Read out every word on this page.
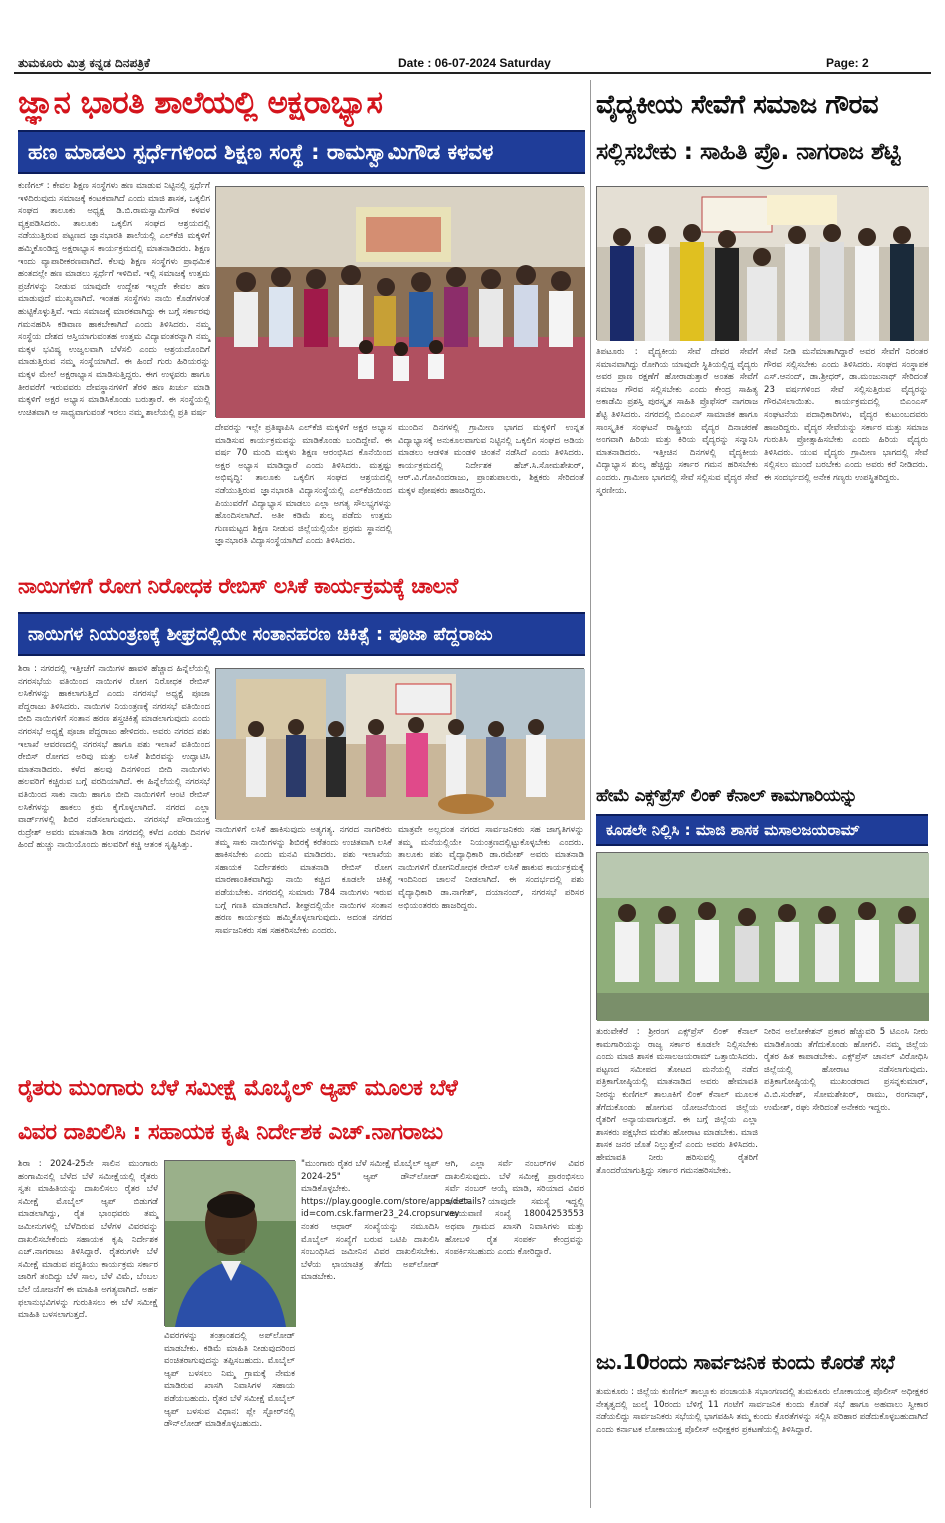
ತುಮಕೂರು ಮಿತ್ರ ಕನ್ನಡ ದಿನಪತ್ರಿಕೆ	Date : 06-07-2024 Saturday	Page: 2
ಜ್ಞಾನ ಭಾರತಿ ಶಾಲೆಯಲ್ಲಿ ಅಕ್ಷರಾಭ್ಯಾಸ
ಹಣ ಮಾಡಲು ಸ್ಪರ್ಧೆಗಳಿಂದ ಶಿಕ್ಷಣ ಸಂಸ್ಥೆ : ರಾಮಸ್ವಾಮಿಗೌಡ ಕಳವಳ

ಕುಣಿಗಲ್ : ಕೇವಲ ಶಿಕ್ಷಣ ಸಂಸ್ಥೆಗಳು ಹಣ ಮಾಡುವ ನಿಟ್ಟಿನಲ್ಲಿ ಸ್ಪರ್ಧೆಗೆ ಇಳಿದಿರುವುದು ಸಮಾಜಕ್ಕೆ ಕಂಟಕವಾಗಿದೆ ಎಂದು ಮಾಜಿ ಶಾಸಕ, ಒಕ್ಕಲಿಗ ಸಂಘದ ತಾಲೂಕು ಅಧ್ಯಕ್ಷ ಡಿ.ಬಿ.ರಾಮಸ್ವಾಮಿಗೌಡ ಕಳವಳ ವ್ಯಕ್ತಪಡಿಸಿದರು. ತಾಲೂಕು ಒಕ್ಕಲಿಗ ಸಂಘದ ಆಶ್ರಯದಲ್ಲಿ ನಡೆಯುತ್ತಿರುವ ಪಟ್ಟಣದ ಜ್ಞಾನಭಾರತಿ ಶಾಲೆಯಲ್ಲಿ ಎಲ್‌ಕೆಜಿ ಮಕ್ಕಳಿಗೆ ಹಮ್ಮಿಕೊಂಡಿದ್ದ ಅಕ್ಷರಾಭ್ಯಾಸ ಕಾರ್ಯಕ್ರಮದಲ್ಲಿ ಮಾತನಾಡಿದರು. ಶಿಕ್ಷಣ ಇಂದು ವ್ಯಾಪಾರೀಕರಣವಾಗಿದೆ. ಕೆಲವು ಶಿಕ್ಷಣ ಸಂಸ್ಥೆಗಳು ಪ್ರಾಥಮಿಕ ಹಂತದಲ್ಲೇ ಹಣ ಮಾಡಲು ಸ್ಪರ್ಧೆಗೆ ಇಳಿದಿವೆ. ಇಲ್ಲಿ ಸಮಾಜಕ್ಕೆ ಉತ್ತಮ ಪ್ರಜೆಗಳನ್ನು ನೀಡುವ ಯಾವುದೇ ಉದ್ದೇಶ ಇಲ್ಲದೇ ಕೇವಲ ಹಣ ಮಾಡುವುದೆ ಮುಖ್ಯವಾಗಿದೆ. ಇಂತಹ ಸಂಸ್ಥೆಗಳು ನಾಯಿ ಕೊಡೆಗಳಂತೆ ಹುಟ್ಟಿಕೊಳ್ಳುತ್ತಿವೆ. ಇದು ಸಮಾಜಕ್ಕೆ ಮಾರಕವಾಗಿದ್ದು ಈ ಬಗ್ಗೆ ಸರ್ಕಾರವು ಗಮನಹರಿಸಿ ಕಡಿವಾಣ ಹಾಕಬೇಕಾಗಿದೆ ಎಂದು ತಿಳಿಸಿದರು. ನಮ್ಮ ಸಂಸ್ಥೆಯ ದೇಶದ ಆಸ್ತಿಯಾಗುವಂತಹ ಉತ್ತಮ ವಿದ್ಯಾವಂತರನ್ನಾಗಿ ನಮ್ಮ ಮಕ್ಕಳ ಭವಿಷ್ಯ ಉಜ್ವಲವಾಗಿ ಬೆಳೆಸಲಿ ಎಂದು ಆಶ್ರಯದೊಂದಿಗೆ ಮಾಡುತ್ತಿರುವ ನಮ್ಮ ಸಂಸ್ಥೆಯಾಗಿದೆ. ಈ ಹಿಂದೆ ಗುರು ಹಿರಿಯರನ್ನು ಮಕ್ಕಳ ಮೇಲೆ ಅಕ್ಷರಾಭ್ಯಾಸ ಮಾಡಿಸುತ್ತಿದ್ದರು. ಈಗ ಉಳ್ಳವರು ಹಾಗೂ ತೀರವರೆಗೆ ಇರುವವರು ದೇವಸ್ಥಾನಗಳಿಗೆ ತೆರಳಿ ಹಣ ಖರ್ಚು ಮಾಡಿ ಮಕ್ಕಳಿಗೆ ಅಕ್ಷರ ಅಭ್ಯಾಸ ಮಾಡಿಸಿಕೊಂಡು ಬರುತ್ತಾರೆ. ಈ ಸಂಸ್ಥೆಯಲ್ಲಿ ಉಚಿತವಾಗಿ ಆ ಸಾಧ್ಯವಾಗುವಂತೆ ಇರಲು ನಮ್ಮ ಶಾಲೆಯಲ್ಲಿ ಪ್ರತಿ ವರ್ಷ

ದೇವರನ್ನು ಇಲ್ಲೇ ಪ್ರತಿಷ್ಠಾಪಿಸಿ ಎಲ್‌ಕೆಜಿ ಮಕ್ಕಳಿಗೆ ಅಕ್ಷರ ಅಭ್ಯಾಸ ಮಾಡಿಸುವ ಕಾರ್ಯಕ್ರಮವನ್ನು ಮಾಡಿಕೊಂಡು ಬಂದಿದ್ದೇವೆ. ಈ ವರ್ಷ 70 ಮಂದಿ ಮಕ್ಕಳು ಶಿಕ್ಷಣ ಆರಂಭಿಸಿದ ಕೊನೆಯಿಂದ ಅಕ್ಷರ ಅಭ್ಯಾಸ ಮಾಡಿದ್ದಾರೆ ಎಂದು ತಿಳಿಸಿದರು. ಮತ್ತಷ್ಟು ಅಭಿವೃದ್ಧಿ: ತಾಲೂಕು ಒಕ್ಕಲಿಗ ಸಂಘದ ಆಶ್ರಯದಲ್ಲಿ ನಡೆಯುತ್ತಿರುವ ಜ್ಞಾನಭಾರತಿ ವಿದ್ಯಾಸಂಸ್ಥೆಯಲ್ಲಿ ಎಲ್‌ಕೆಜಿಯಿಂದ ಪಿಯುವರೆಗೆ ವಿದ್ಯಾಭ್ಯಾಸ ಮಾಡಲು ಎಲ್ಲಾ ಅಗತ್ಯ ಸೌಲಭ್ಯಗಳನ್ನು ಹೊಂದಿಸಲಾಗಿದೆ. ಅತೀ ಕಡಿಮೆ ಶುಲ್ಕ ಪಡೆದು ಉತ್ತಮ ಗುಣಮಟ್ಟದ ಶಿಕ್ಷಣ ನೀಡುವ ಜಿಲ್ಲೆಯಲ್ಲಿಯೇ ಪ್ರಥಮ ಸ್ಥಾನದಲ್ಲಿ ಜ್ಞಾನಭಾರತಿ ವಿದ್ಯಾಸಂಸ್ಥೆಯಾಗಿದೆ ಎಂದು ತಿಳಿಸಿದರು.

ಮುಂದಿನ ದಿನಗಳಲ್ಲಿ ಗ್ರಾಮೀಣ ಭಾಗದ ಮಕ್ಕಳಿಗೆ ಉನ್ನತ ವಿದ್ಯಾಭ್ಯಾಸಕ್ಕೆ ಅನುಕೂಲವಾಗುವ ನಿಟ್ಟಿನಲ್ಲಿ ಒಕ್ಕಲಿಗ ಸಂಘದ ಅಡಿಯ ಮಾಡಲು ಆಡಳಿತ ಮಂಡಳಿ ಚಿಂತನೆ ನಡೆಸಿದೆ ಎಂದು ತಿಳಿಸಿದರು. ಕಾರ್ಯಕ್ರಮದಲ್ಲಿ ನಿರ್ದೇಶಕ ಹೆಚ್.ಸಿ.ಸೋಮಶೇಖರ್, ಆರ್.ವಿ.ಗೋವಿಂದರಾಜು, ಪ್ರಾಂಶುಪಾಲರು, ಶಿಕ್ಷಕರು ಸೇರಿದಂತೆ ಮಕ್ಕಳ ಪೋಷಕರು ಹಾಜರಿದ್ದರು.

ವೈದ್ಯಕೀಯ ಸೇವೆಗೆ ಸಮಾಜ ಗೌರವ
ಸಲ್ಲಿಸಬೇಕು : ಸಾಹಿತಿ ಪ್ರೊ. ನಾಗರಾಜ ಶೆಟ್ಟಿ

ತಿಪಟೂರು : ವೈದ್ಯಕೀಯ ಸೇವೆ ದೇವರ ಸೇವೆಗೆ ಸಮಾನವಾಗಿದ್ದು ರೋಗಿಯ ಯಾವುದೇ ಸ್ಥಿತಿಯಲ್ಲಿದ್ದ ವೈದ್ಯರು ಅವರ ಪ್ರಾಣ ರಕ್ಷಣೆಗೆ ಹೋರಾಡುತ್ತಾರೆ ಅಂತಹ ಸೇವೆಗೆ ಸಮಾಜ ಗೌರವ ಸಲ್ಲಿಸಬೇಕು ಎಂದು ಕೇಂದ್ರ ಸಾಹಿತ್ಯ ಅಕಾಡೆಮಿ ಪ್ರಶಸ್ತಿ ಪುರಸ್ಕೃತ ಸಾಹಿತಿ ಪ್ರೊಫೆಸರ್ ನಾಗರಾಜ ಶೆಟ್ಟಿ ತಿಳಿಸಿದರು. ನಗರದಲ್ಲಿ ಬಿಎಂಎಸ್ ಸಾಮಾಜಿಕ ಹಾಗೂ ಸಾಂಸ್ಕೃತಿಕ ಸಂಘಟನೆ ರಾಷ್ಟ್ರೀಯ ವೈದ್ಯರ ದಿನಾಚರಣೆ ಅಂಗವಾಗಿ ಹಿರಿಯ ಮತ್ತು ಕಿರಿಯ ವೈದ್ಯರನ್ನು ಸನ್ಮಾನಿಸಿ ಮಾತನಾಡಿದರು. ಇತ್ತೀಚಿನ ದಿನಗಳಲ್ಲಿ ವೈದ್ಯಕೀಯ ವಿದ್ಯಾಭ್ಯಾಸ ಶುಲ್ಕ ಹೆಚ್ಚಿದ್ದು ಸರ್ಕಾರ ಗಮನ ಹರಿಸಬೇಕು ಎಂದರು. ಗ್ರಾಮೀಣ ಭಾಗದಲ್ಲಿ ಸೇವೆ ಸಲ್ಲಿಸುವ ವೈದ್ಯರ ಸೇವೆ ಸ್ಮರಣೀಯ.

ಸೇವೆ ನೀಡಿ ಮನೆಮಾತಾಗಿದ್ದಾರೆ ಅವರ ಸೇವೆಗೆ ನಿರಂತರ ಗೌರವ ಸಲ್ಲಿಸಬೇಕು ಎಂದು ತಿಳಿಸಿದರು. ಸಂಘದ ಸಂಸ್ಥಾಪಕ ಎಸ್.ಆನಂದ್, ಡಾ.ಶ್ರೀಧರ್, ಡಾ.ಮಂಜುನಾಥ್ ಸೇರಿದಂತೆ 23 ವರ್ಷಗಳಿಂದ ಸೇವೆ ಸಲ್ಲಿಸುತ್ತಿರುವ ವೈದ್ಯರನ್ನು ಗೌರವಿಸಲಾಯಿತು. ಕಾರ್ಯಕ್ರಮದಲ್ಲಿ ಬಿಎಂಎಸ್ ಸಂಘಟನೆಯ ಪದಾಧಿಕಾರಿಗಳು, ವೈದ್ಯರ ಕುಟುಂಬದವರು ಹಾಜರಿದ್ದರು. ವೈದ್ಯರ ಸೇವೆಯನ್ನು ಸರ್ಕಾರ ಮತ್ತು ಸಮಾಜ ಗುರುತಿಸಿ ಪ್ರೋತ್ಸಾಹಿಸಬೇಕು ಎಂದು ಹಿರಿಯ ವೈದ್ಯರು ತಿಳಿಸಿದರು. ಯುವ ವೈದ್ಯರು ಗ್ರಾಮೀಣ ಭಾಗದಲ್ಲಿ ಸೇವೆ ಸಲ್ಲಿಸಲು ಮುಂದೆ ಬರಬೇಕು ಎಂದು ಅವರು ಕರೆ ನೀಡಿದರು. ಈ ಸಂದರ್ಭದಲ್ಲಿ ಅನೇಕ ಗಣ್ಯರು ಉಪಸ್ಥಿತರಿದ್ದರು.

ನಾಯಿಗಳಿಗೆ ರೋಗ ನಿರೋಧಕ ರೇಬಿಸ್ ಲಸಿಕೆ ಕಾರ್ಯಕ್ರಮಕ್ಕೆ ಚಾಲನೆ
ನಾಯಿಗಳ ನಿಯಂತ್ರಣಕ್ಕೆ ಶೀಘ್ರದಲ್ಲಿಯೇ ಸಂತಾನಹರಣ ಚಿಕಿತ್ಸೆ : ಪೂಜಾ ಪೆದ್ದರಾಜು

ಶಿರಾ : ನಗರದಲ್ಲಿ ಇತ್ತೀಚೆಗೆ ನಾಯಿಗಳ ಹಾವಳಿ ಹೆಚ್ಚಾದ ಹಿನ್ನೆಲೆಯಲ್ಲಿ ನಗರಸಭೆಯ ವತಿಯಿಂದ ನಾಯಿಗಳ ರೋಗ ನಿರೋಧಕ ರೇಬಿಸ್ ಲಸಿಕೆಗಳನ್ನು ಹಾಕಲಾಗುತ್ತಿದೆ ಎಂದು ನಗರಸಭೆ ಅಧ್ಯಕ್ಷೆ ಪೂಜಾ ಪೆದ್ದರಾಜು ತಿಳಿಸಿದರು. ನಾಯಿಗಳ ನಿಯಂತ್ರಣಕ್ಕೆ ನಗರಸಭೆ ವತಿಯಿಂದ ಬೀದಿ ನಾಯಿಗಳಿಗೆ ಸಂತಾನ ಹರಣ ಶಸ್ತ್ರಚಿಕಿತ್ಸೆ ಮಾಡಲಾಗುವುದು ಎಂದು ನಗರಸಭೆ ಅಧ್ಯಕ್ಷೆ ಪೂಜಾ ಪೆದ್ದರಾಜು ಹೇಳಿದರು. ಅವರು ನಗರದ ಪಶು ಇಲಾಖೆ ಆವರಣದಲ್ಲಿ ನಗರಸಭೆ ಹಾಗೂ ಪಶು ಇಲಾಖೆ ವತಿಯಿಂದ ರೇಬಿಸ್ ರೋಗದ ಅರಿವು ಮತ್ತು ಲಸಿಕೆ ಶಿಬಿರವನ್ನು ಉದ್ಘಾಟಿಸಿ ಮಾತನಾಡಿದರು. ಕಳೆದ ಹಲವು ದಿನಗಳಿಂದ ಬೀದಿ ನಾಯಿಗಳು ಹಲವರಿಗೆ ಕಚ್ಚಿರುವ ಬಗ್ಗೆ ವರದಿಯಾಗಿದೆ. ಈ ಹಿನ್ನೆಲೆಯಲ್ಲಿ ನಗರಸಭೆ ವತಿಯಿಂದ ಸಾಕು ನಾಯಿ ಹಾಗೂ ಬೀದಿ ನಾಯಿಗಳಿಗೆ ಆಂಟಿ ರೇಬಿಸ್ ಲಸಿಕೆಗಳನ್ನು ಹಾಕಲು ಕ್ರಮ ಕೈಗೊಳ್ಳಲಾಗಿದೆ. ನಗರದ ಎಲ್ಲಾ ವಾರ್ಡ್‌ಗಳಲ್ಲಿ ಶಿಬಿರ ನಡೆಸಲಾಗುವುದು. ನಗರಸಭೆ ಪೌರಾಯುಕ್ತ ರುದ್ರೇಶ್ ಅವರು ಮಾತನಾಡಿ ಶಿರಾ ನಗರದಲ್ಲಿ ಕಳೆದ ಎರಡು ದಿನಗಳ ಹಿಂದೆ ಹುಚ್ಚು ನಾಯಿಯೊಂದು ಹಲವರಿಗೆ ಕಚ್ಚಿ ಆತಂಕ ಸೃಷ್ಟಿಸಿತ್ತು.

ನಾಯಿಗಳಿಗೆ ಲಸಿಕೆ ಹಾಕಿಸುವುದು ಅತ್ಯಗತ್ಯ. ನಗರದ ನಾಗರಿಕರು ತಮ್ಮ ಸಾಕು ನಾಯಿಗಳನ್ನು ಶಿಬಿರಕ್ಕೆ ಕರೆತಂದು ಉಚಿತವಾಗಿ ಲಸಿಕೆ ಹಾಕಿಸಬೇಕು ಎಂದು ಮನವಿ ಮಾಡಿದರು. ಪಶು ಇಲಾಖೆಯ ಸಹಾಯಕ ನಿರ್ದೇಶಕರು ಮಾತನಾಡಿ ರೇಬಿಸ್ ರೋಗ ಮಾರಣಾಂತಿಕವಾಗಿದ್ದು ನಾಯಿ ಕಚ್ಚಿದ ಕೂಡಲೇ ಚಿಕಿತ್ಸೆ ಪಡೆಯಬೇಕು. ನಗರದಲ್ಲಿ ಸುಮಾರು 784 ನಾಯಿಗಳು ಇರುವ ಬಗ್ಗೆ ಗಣತಿ ಮಾಡಲಾಗಿದೆ. ಶೀಘ್ರದಲ್ಲಿಯೇ ನಾಯಿಗಳ ಸಂತಾನ ಹರಣ ಕಾರ್ಯಕ್ರಮ ಹಮ್ಮಿಕೊಳ್ಳಲಾಗುವುದು. ಅದಂತ ನಗರದ ಸಾರ್ವಜನಿಕರು ಸಹ ಸಹಕರಿಸಬೇಕು ಎಂದರು.

ಮಾತ್ರವೇ ಅಲ್ಲದಂತ ನಗರದ ಸಾರ್ವಜನಿಕರು ಸಹ ಜಾಗೃತಿಗಳನ್ನು ತಮ್ಮ ಮನೆಯಲ್ಲಿಯೇ ನಿಯಂತ್ರಣದಲ್ಲಿಟ್ಟುಕೊಳ್ಳಬೇಕು ಎಂದರು. ತಾಲೂಕು ಪಶು ವೈದ್ಯಾಧಿಕಾರಿ ಡಾ.ರಮೇಶ್ ಅವರು ಮಾತನಾಡಿ ನಾಯಿಗಳಿಗೆ ರೋಗನಿರೋಧಕ ರೇಬಿಸ್ ಲಸಿಕೆ ಹಾಕುವ ಕಾರ್ಯಕ್ರಮಕ್ಕೆ ಇಂದಿನಿಂದ ಚಾಲನೆ ನೀಡಲಾಗಿದೆ. ಈ ಸಂದರ್ಭದಲ್ಲಿ ಪಶು ವೈದ್ಯಾಧಿಕಾರಿ ಡಾ.ನಾಗೇಶ್, ದಯಾನಂದ್, ನಗರಸಭೆ ಪರಿಸರ ಅಭಿಯಂತರರು ಹಾಜರಿದ್ದರು.

ಹೇಮೆ ಎಕ್ಸ್‌ಪ್ರೆಸ್ ಲಿಂಕ್ ಕೆನಾಲ್ ಕಾಮಗಾರಿಯನ್ನು
ಕೂಡಲೇ ನಿಲ್ಲಿಸಿ : ಮಾಜಿ ಶಾಸಕ ಮಸಾಲಜಯರಾಮ್

ತುರುವೇಕೆರೆ : ಶ್ರೀರಂಗ ಎಕ್ಸ್‌ಪ್ರೆಸ್ ಲಿಂಕ್ ಕೆನಾಲ್ ಕಾಮಗಾರಿಯನ್ನು ರಾಜ್ಯ ಸರ್ಕಾರ ಕೂಡಲೇ ನಿಲ್ಲಿಸಬೇಕು ಎಂದು ಮಾಜಿ ಶಾಸಕ ಮಸಾಲಜಯರಾಮ್ ಒತ್ತಾಯಿಸಿದರು. ಪಟ್ಟಣದ ಸಮೀಪದ ತೋಟದ ಮನೆಯಲ್ಲಿ ನಡೆದ ಪತ್ರಿಕಾಗೋಷ್ಠಿಯಲ್ಲಿ ಮಾತನಾಡಿದ ಅವರು ಹೇಮಾವತಿ ನೀರನ್ನು ಕುಣಿಗಲ್ ತಾಲೂಕಿಗೆ ಲಿಂಕ್ ಕೆನಾಲ್ ಮೂಲಕ ತೆಗೆದುಕೊಂಡು ಹೋಗುವ ಯೋಜನೆಯಿಂದ ಜಿಲ್ಲೆಯ ರೈತರಿಗೆ ಅನ್ಯಾಯವಾಗುತ್ತದೆ. ಈ ಬಗ್ಗೆ ಜಿಲ್ಲೆಯ ಎಲ್ಲಾ ಶಾಸಕರು ಪಕ್ಷಭೇದ ಮರೆತು ಹೋರಾಟ ಮಾಡಬೇಕು. ಮಾಜಿ ಶಾಸಕ ಜನರ ಜೊತೆ ನಿಲ್ಲುತ್ತೇನೆ ಎಂದು ಅವರು ತಿಳಿಸಿದರು. ಹೇಮಾವತಿ ನೀರು ಹರಿಸುವಲ್ಲಿ ರೈತರಿಗೆ ತೊಂದರೆಯಾಗುತ್ತಿದ್ದು ಸರ್ಕಾರ ಗಮನಹರಿಸಬೇಕು.

ನೀರಿನ ಅಲೋಕೇಶನ್ ಪ್ರಕಾರ ಹೆಚ್ಚುವರಿ 5 ಟಿಎಂಸಿ ನೀರು ಮಾಡಿಕೊಂಡು ತೆಗೆದುಕೊಂಡು ಹೋಗಲಿ. ನಮ್ಮ ಜಿಲ್ಲೆಯ ರೈತರ ಹಿತ ಕಾಪಾಡಬೇಕು. ಎಕ್ಸ್‌ಪ್ರೆಸ್ ಚಾನಲ್ ವಿರೋಧಿಸಿ ಜಿಲ್ಲೆಯಲ್ಲಿ ಹೋರಾಟ ನಡೆಸಲಾಗುವುದು. ಪತ್ರಿಕಾಗೋಷ್ಠಿಯಲ್ಲಿ ಮುಖಂಡರಾದ ಪ್ರಸನ್ನಕುಮಾರ್, ವಿ.ಬಿ.ಸುರೇಶ್, ಸೋಮಶೇಖರ್, ರಾಮು, ರಂಗನಾಥ್, ಉಮೇಶ್, ರಘು ಸೇರಿದಂತೆ ಅನೇಕರು ಇದ್ದರು.

ರೈತರು ಮುಂಗಾರು ಬೆಳೆ ಸಮೀಕ್ಷೆ ಮೊಬೈಲ್ ಆ್ಯಪ್ ಮೂಲಕ ಬೆಳೆ
ವಿವರ ದಾಖಲಿಸಿ : ಸಹಾಯಕ ಕೃಷಿ ನಿರ್ದೇಶಕ ಎಚ್.ನಾಗರಾಜು

ಶಿರಾ : 2024-25ನೇ ಸಾಲಿನ ಮುಂಗಾರು ಹಂಗಾಮಿನಲ್ಲಿ ಬೆಳೆದ ಬೆಳೆ ಸಮೀಕ್ಷೆಯಲ್ಲಿ ರೈತರು ಸ್ವತಃ ಮಾಹಿತಿಯನ್ನು ದಾಖಲಿಸಲು ರೈತರ ಬೆಳೆ ಸಮೀಕ್ಷೆ ಮೊಬೈಲ್ ಆ್ಯಪ್ ಬಿಡುಗಡೆ ಮಾಡಲಾಗಿದ್ದು, ರೈತ ಭಾಂಧವರು ತಮ್ಮ ಜಮೀನುಗಳಲ್ಲಿ ಬೆಳೆದಿರುವ ಬೆಳೆಗಳ ವಿವರವನ್ನು ದಾಖಲಿಸಬೇಕೆಂದು ಸಹಾಯಕ ಕೃಷಿ ನಿರ್ದೇಶಕ ಎಚ್.ನಾಗರಾಜು ತಿಳಿಸಿದ್ದಾರೆ. ರೈತರುಗಳೇ ಬೆಳೆ ಸಮೀಕ್ಷೆ ಮಾಡುವ ಪದ್ಧತಿಯು ಕಾರ್ಯಕ್ರಮ ಸರ್ಕಾರ ಜಾರಿಗೆ ತಂದಿದ್ದು ಬೆಳೆ ಸಾಲ, ಬೆಳೆ ವಿಮೆ, ಬೆಂಬಲ ಬೆಲೆ ಯೋಜನೆಗೆ ಈ ಮಾಹಿತಿ ಅಗತ್ಯವಾಗಿದೆ. ಅರ್ಹ ಫಲಾನುಭವಿಗಳನ್ನು ಗುರುತಿಸಲು ಈ ಬೆಳೆ ಸಮೀಕ್ಷೆ ಮಾಹಿತಿ ಬಳಸಲಾಗುತ್ತದೆ.

ವಿವರಗಳನ್ನು ತಂತ್ರಾಂಶದಲ್ಲಿ ಅಪ್‌ಲೋಡ್ ಮಾಡಬೇಕು. ಕಡಿಮೆ ಮಾಹಿತಿ ನೀಡುವುದರಿಂದ ವಂಚಿತರಾಗುವುದನ್ನು ತಪ್ಪಿಸಬಹುದು. ಮೊಬೈಲ್ ಆ್ಯಪ್ ಬಳಸಲು ನಿಮ್ಮ ಗ್ರಾಮಕ್ಕೆ ನೇಮಕ ಮಾಡಿರುವ ಖಾಸಗಿ ನಿವಾಸಿಗಳ ಸಹಾಯ ಪಡೆಯಬಹುದು. ರೈತರ ಬೆಳೆ ಸಮೀಕ್ಷೆ ಮೊಬೈಲ್ ಆ್ಯಪ್ ಬಳಸುವ ವಿಧಾನ: ಪ್ಲೇ ಸ್ಟೋರ್‌ನಲ್ಲಿ ಡೌನ್‌ಲೋಡ್ ಮಾಡಿಕೊಳ್ಳಬಹುದು.

"ಮುಂಗಾರು ರೈತರ ಬೆಳೆ ಸಮೀಕ್ಷೆ ಮೊಬೈಲ್ ಆ್ಯಪ್ 2024-25" ಆ್ಯಪ್ ಡೌನ್‌ಲೋಡ್ ಮಾಡಿಕೊಳ್ಳಬೇಕು. https://play.google.com/store/apps/details?id=com.csk.farmer23_24.cropsurvey ನಂತರ ಆಧಾರ್ ಸಂಖ್ಯೆಯನ್ನು ನಮೂದಿಸಿ ಮೊಬೈಲ್ ಸಂಖ್ಯೆಗೆ ಬರುವ ಒಟಿಪಿ ದಾಖಲಿಸಿ ಸಂಬಂಧಿಸಿದ ಜಮೀನಿನ ವಿವರ ದಾಖಲಿಸಬೇಕು. ಬೆಳೆಯ ಛಾಯಾಚಿತ್ರ ತೆಗೆದು ಅಪ್‌ಲೋಡ್ ಮಾಡಬೇಕು.

ಆಗಿ, ಎಲ್ಲಾ ಸರ್ವೆ ನಂಬರ್‌ಗಳ ವಿವರ ದಾಖಲಿಸುವುದು. ಬೆಳೆ ಸಮೀಕ್ಷೆ ಪ್ರಾರಂಭಿಸಲು ಸರ್ವೆ ನಂಬರ್ ಆಯ್ಕೆ ಮಾಡಿ, ಸರಿಯಾದ ವಿವರ ದಾಖಲಿಸಿ. ಯಾವುದೇ ಸಮಸ್ಯೆ ಇದ್ದಲ್ಲಿ ಸಹಾಯವಾಣಿ ಸಂಖ್ಯೆ 18004253553 ಅಥವಾ ಗ್ರಾಮದ ಖಾಸಗಿ ನಿವಾಸಿಗಳು ಮತ್ತು ಹೋಬಳಿ ರೈತ ಸಂಪರ್ಕ ಕೇಂದ್ರವನ್ನು ಸಂಪರ್ಕಿಸಬಹುದು ಎಂದು ಕೋರಿದ್ದಾರೆ.

ಜು.10ರಂದು ಸಾರ್ವಜನಿಕ ಕುಂದು ಕೊರತೆ ಸಭೆ

ತುಮಕೂರು : ಜಿಲ್ಲೆಯ ಕುಣಿಗಲ್ ತಾಲ್ಲೂಕು ಪಂಚಾಯತಿ ಸಭಾಂಗಣದಲ್ಲಿ ತುಮಕೂರು ಲೋಕಾಯುಕ್ತ ಪೊಲೀಸ್ ಅಧೀಕ್ಷಕರ ನೇತೃತ್ವದಲ್ಲಿ ಜುಲೈ 10ರಂದು ಬೆಳಿಗ್ಗೆ 11 ಗಂಟೆಗೆ ಸಾರ್ವಜನಿಕ ಕುಂದು ಕೊರತೆ ಸಭೆ ಹಾಗೂ ಅಹವಾಲು ಸ್ವೀಕಾರ ನಡೆಯಲಿದ್ದು ಸಾರ್ವಜನಿಕರು ಸಭೆಯಲ್ಲಿ ಭಾಗವಹಿಸಿ ತಮ್ಮ ಕುಂದು ಕೊರತೆಗಳನ್ನು ಸಲ್ಲಿಸಿ ಪರಿಹಾರ ಪಡೆದುಕೊಳ್ಳಬಹುದಾಗಿದೆ ಎಂದು ಕರ್ನಾಟಕ ಲೋಕಾಯುಕ್ತ ಪೊಲೀಸ್ ಅಧೀಕ್ಷಕರ ಪ್ರಕಟಣೆಯಲ್ಲಿ ತಿಳಿಸಿದ್ದಾರೆ.
